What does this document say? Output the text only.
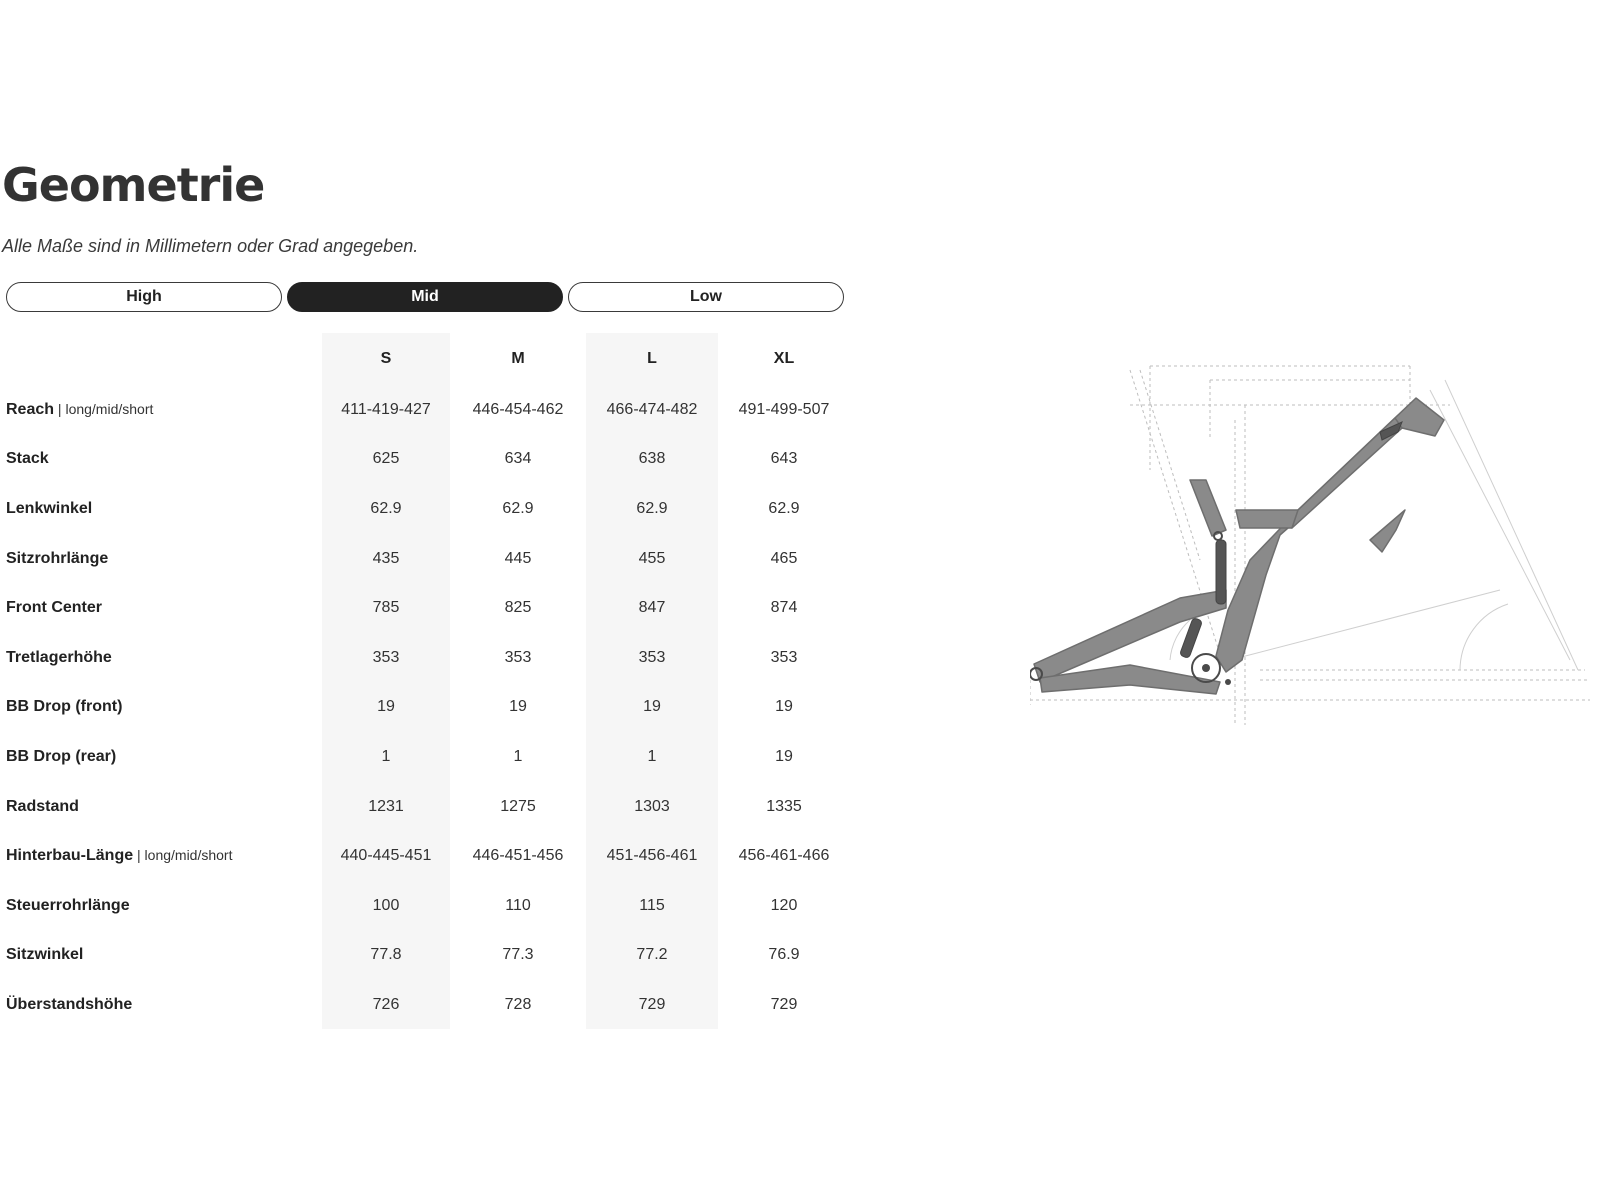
Geometrie

Alle Maße sind in Millimetern oder Grad angegeben.

High	Mid	Low
	S	M	L	XL
Reach | long/mid/short	411-419-427	446-454-462	466-474-482	491-499-507
Stack	625	634	638	643
Lenkwinkel	62.9	62.9	62.9	62.9
Sitzrohrlänge	435	445	455	465
Front Center	785	825	847	874
Tretlagerhöhe	353	353	353	353
BB Drop (front)	19	19	19	19
BB Drop (rear)	1	1	1	19
Radstand	1231	1275	1303	1335
Hinterbau-Länge | long/mid/short	440-445-451	446-451-456	451-456-461	456-461-466
Steuerrohrlänge	100	110	115	120
Sitzwinkel	77.8	77.3	77.2	76.9
Überstandshöhe	726	728	729	729
